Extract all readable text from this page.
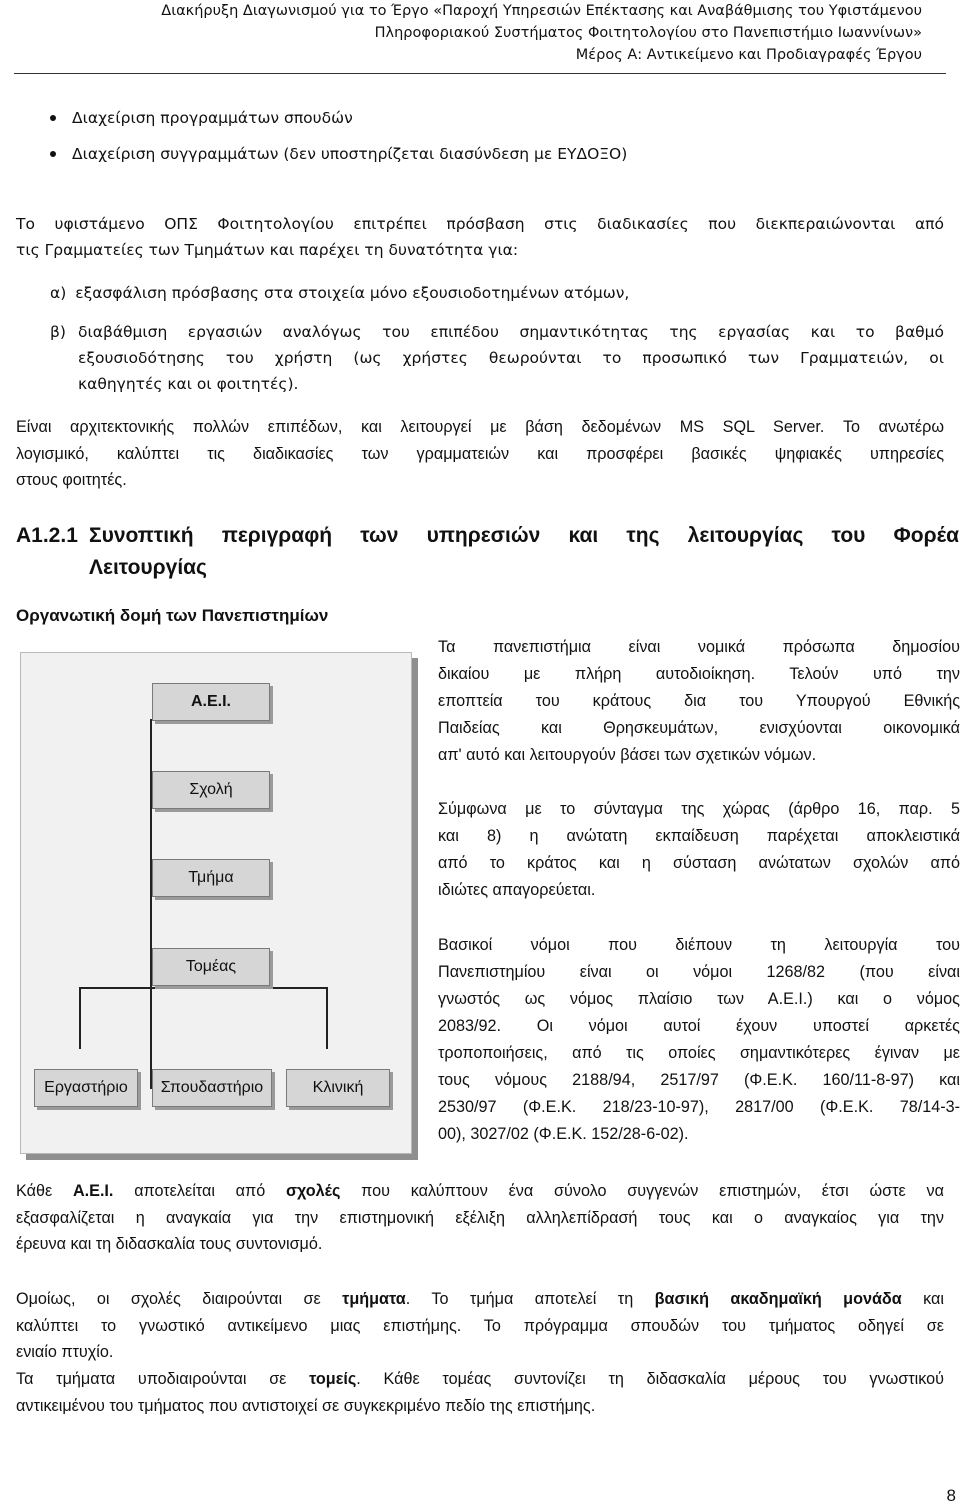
Διακήρυξη Διαγωνισμού για το Έργο «Παροχή Υπηρεσιών Επέκτασης και Αναβάθμισης του Υφιστάμενου
Πληροφοριακού Συστήματος Φοιτητολογίου στο Πανεπιστήμιο Ιωαννίνων»
Μέρος Α: Αντικείμενο και Προδιαγραφές Έργου
Διαχείριση προγραμμάτων σπουδών
Διαχείριση συγγραμμάτων (δεν υποστηρίζεται διασύνδεση με ΕΥΔΟΞΟ)
Το υφιστάμενο ΟΠΣ Φοιτητολογίου επιτρέπει πρόσβαση στις διαδικασίες που διεκπεραιώνονται από
τις Γραμματείες των Τμημάτων και παρέχει τη δυνατότητα για:
α) εξασφάλιση πρόσβασης στα στοιχεία μόνο εξουσιοδοτημένων ατόμων,
β) διαβάθμιση εργασιών αναλόγως του επιπέδου σημαντικότητας της εργασίας και το βαθμό
εξουσιοδότησης του χρήστη (ως χρήστες θεωρούνται το προσωπικό των Γραμματειών, οι
καθηγητές και οι φοιτητές).
Είναι αρχιτεκτονικής πολλών επιπέδων, και λειτουργεί με βάση δεδομένων MS SQL Server. Το ανωτέρω
λογισμικό, καλύπτει τις διαδικασίες των γραμματειών και προσφέρει βασικές ψηφιακές υπηρεσίες
στους φοιτητές.
Α1.2.1 Συνοπτική περιγραφή των υπηρεσιών και της λειτουργίας του Φορέα
Λειτουργίας
Οργανωτική δομή των Πανεπιστημίων
Α.Ε.Ι.
Σχολή
Τμήμα
Τομέας
Εργαστήριο	Σπουδαστήριο	Κλινική
Τα πανεπιστήμια είναι νομικά πρόσωπα δημοσίου
δικαίου με πλήρη αυτοδιοίκηση. Τελούν υπό την
εποπτεία του κράτους δια του Υπουργού Εθνικής
Παιδείας και Θρησκευμάτων, ενισχύονται οικονομικά
απ' αυτό και λειτουργούν βάσει των σχετικών νόμων.
Σύμφωνα με το σύνταγμα της χώρας (άρθρο 16, παρ. 5
και 8) η ανώτατη εκπαίδευση παρέχεται αποκλειστικά
από το κράτος και η σύσταση ανώτατων σχολών από
ιδιώτες απαγορεύεται.
Βασικοί νόμοι που διέπουν τη λειτουργία του
Πανεπιστημίου είναι οι νόμοι 1268/82 (που είναι
γνωστός ως νόμος πλαίσιο των Α.Ε.Ι.) και ο νόμος
2083/92. Οι νόμοι αυτοί έχουν υποστεί αρκετές
τροποποιήσεις, από τις οποίες σημαντικότερες έγιναν με
τους νόμους 2188/94, 2517/97 (Φ.Ε.Κ. 160/11-8-97) και
2530/97 (Φ.Ε.Κ. 218/23-10-97), 2817/00 (Φ.Ε.Κ. 78/14-3-
00), 3027/02 (Φ.Ε.Κ. 152/28-6-02).
Κάθε Α.Ε.Ι. αποτελείται από σχολές που καλύπτουν ένα σύνολο συγγενών επιστημών, έτσι ώστε να
εξασφαλίζεται η αναγκαία για την επιστημονική εξέλιξη αλληλεπίδρασή τους και ο αναγκαίος για την
έρευνα και τη διδασκαλία τους συντονισμό.
Ομοίως, οι σχολές διαιρούνται σε τμήματα. Το τμήμα αποτελεί τη βασική ακαδημαϊκή μονάδα και
καλύπτει το γνωστικό αντικείμενο μιας επιστήμης. Το πρόγραμμα σπουδών του τμήματος οδηγεί σε
ενιαίο πτυχίο.
Τα τμήματα υποδιαιρούνται σε τομείς. Κάθε τομέας συντονίζει τη διδασκαλία μέρους του γνωστικού
αντικειμένου του τμήματος που αντιστοιχεί σε συγκεκριμένο πεδίο της επιστήμης.
8
